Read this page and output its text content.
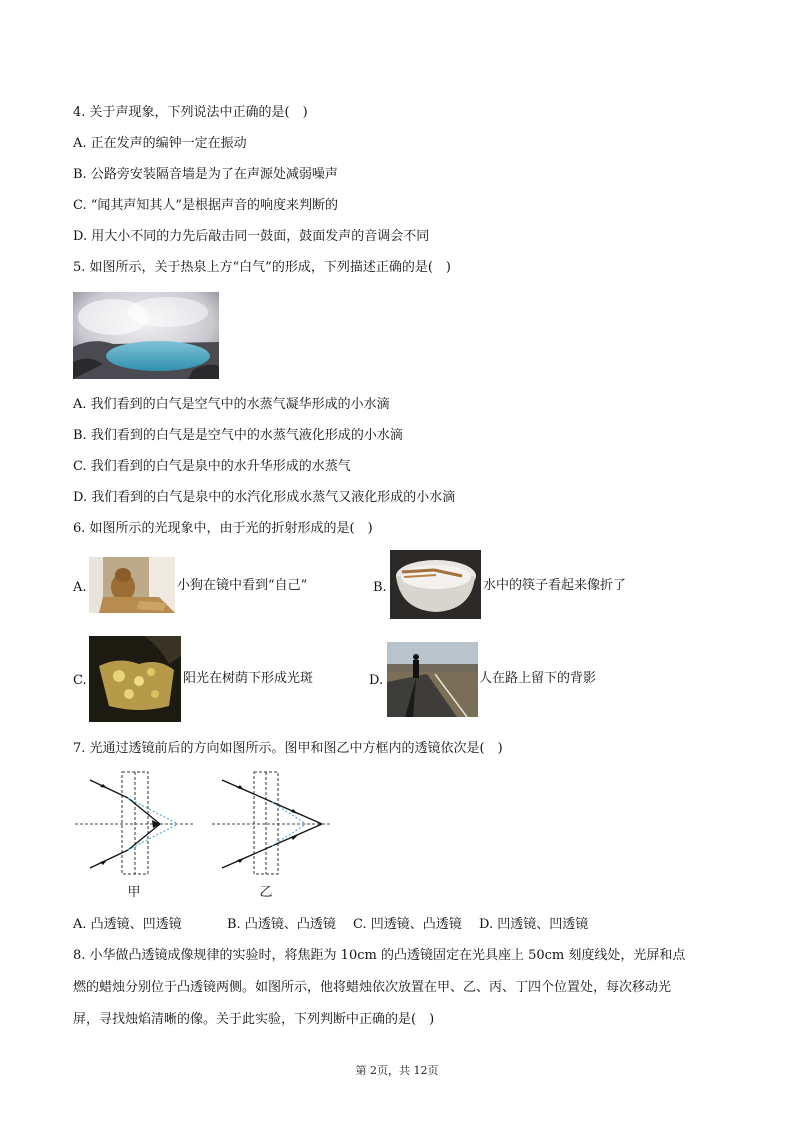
4. 关于声现象，下列说法中正确的是(　)
A. 正在发声的编钟一定在振动
B. 公路旁安装隔音墙是为了在声源处减弱噪声
C. “闻其声知其人”是根据声音的响度来判断的
D. 用大小不同的力先后敲击同一鼓面，鼓面发声的音调会不同
5. 如图所示，关于热泉上方“白气”的形成，下列描述正确的是(　)
A. 我们看到的白气是空气中的水蒸气凝华形成的小水滴
B. 我们看到的白气是是空气中的水蒸气液化形成的小水滴
C. 我们看到的白气是泉中的水升华形成的水蒸气
D. 我们看到的白气是泉中的水汽化形成水蒸气又液化形成的小水滴
6. 如图所示的光现象中，由于光的折射形成的是(　)
A.	小狗在镜中看到“自己”	B.	水中的筷子看起来像折了
C.	阳光在树荫下形成光斑	D.	人在路上留下的背影
7. 光通过透镜前后的方向如图所示。图甲和图乙中方框内的透镜依次是(　)
甲	乙
A. 凸透镜、凹透镜	B. 凸透镜、凸透镜 C. 凹透镜、凸透镜 D. 凹透镜、凹透镜
8. 小华做凸透镜成像规律的实验时，将焦距为 10cm 的凸透镜固定在光具座上 50cm 刻度线处，光屏和点
燃的蜡烛分别位于凸透镜两侧。如图所示，他将蜡烛依次放置在甲、乙、丙、丁四个位置处，每次移动光
屏，寻找烛焰清晰的像。关于此实验，下列判断中正确的是(　)
第 2页，共 12页
